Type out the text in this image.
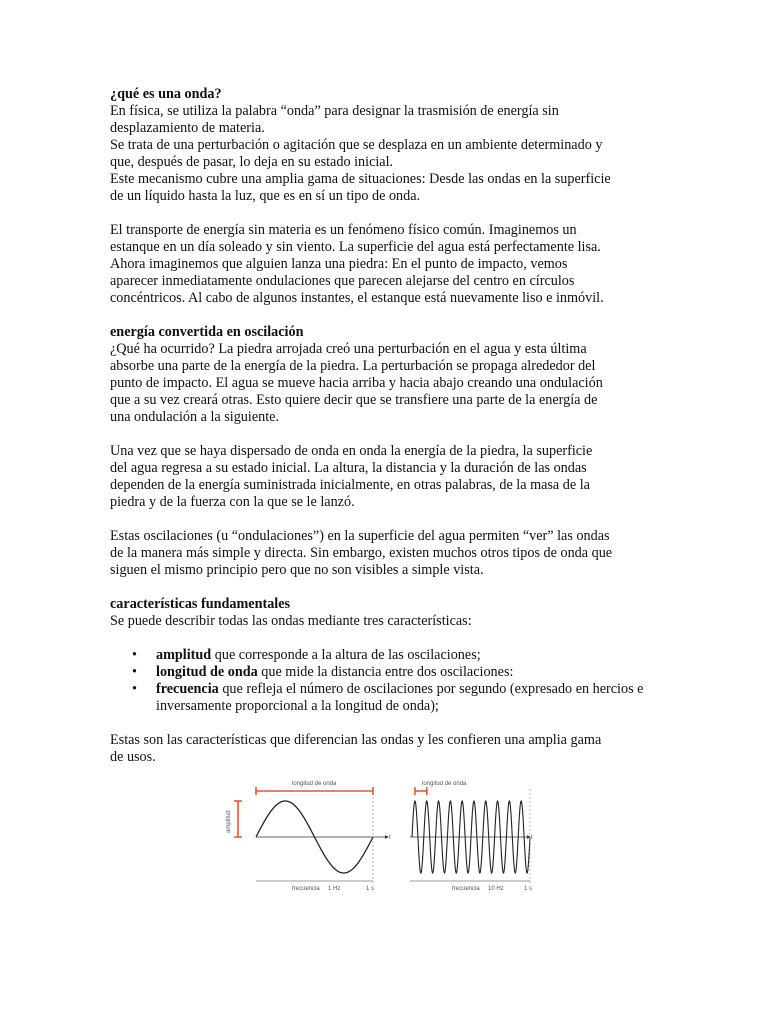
¿qué es una onda?

En física, se utiliza la palabra “onda” para designar la trasmisión de energía sin

desplazamiento de materia.

Se trata de una perturbación o agitación que se desplaza en un ambiente determinado y

que, después de pasar, lo deja en su estado inicial.

Este mecanismo cubre una amplia gama de situaciones: Desde las ondas en la superficie

de un líquido hasta la luz, que es en sí un tipo de onda.

El transporte de energía sin materia es un fenómeno físico común. Imaginemos un

estanque en un día soleado y sin viento. La superficie del agua está perfectamente lisa.

Ahora imaginemos que alguien lanza una piedra: En el punto de impacto, vemos

aparecer inmediatamente ondulaciones que parecen alejarse del centro en círculos

concéntricos. Al cabo de algunos instantes, el estanque está nuevamente liso e inmóvil.

energía convertida en oscilación

¿Qué ha ocurrido? La piedra arrojada creó una perturbación en el agua y esta última

absorbe una parte de la energía de la piedra. La perturbación se propaga alrededor del

punto de impacto. El agua se mueve hacia arriba y hacia abajo creando una ondulación

que a su vez creará otras. Esto quiere decir que se transfiere una parte de la energía de

una ondulación a la siguiente.

Una vez que se haya dispersado de onda en onda la energía de la piedra, la superficie

del agua regresa a su estado inicial. La altura, la distancia y la duración de las ondas

dependen de la energía suministrada inicialmente, en otras palabras, de la masa de la

piedra y de la fuerza con la que se le lanzó.

Estas oscilaciones (u “ondulaciones”) en la superficie del agua permiten “ver” las ondas

de la manera más simple y directa. Sin embargo, existen muchos otros tipos de onda que

siguen el mismo principio pero que no son visibles a simple vista.

características fundamentales

Se puede describir todas las ondas mediante tres características:

• amplitud que corresponde a la altura de las oscilaciones;
• longitud de onda que mide la distancia entre dos oscilaciones:
• frecuencia que refleja el número de oscilaciones por segundo (expresado en hercios e inversamente proporcional a la longitud de onda);

Estas son las características que diferencian las ondas y les confieren una amplia gama

de usos.

longitud de onda
amplitud
t
frecuencia 1 Hz	1 s
longitud de onda
t
frecuencia 10 Hz	1 s
